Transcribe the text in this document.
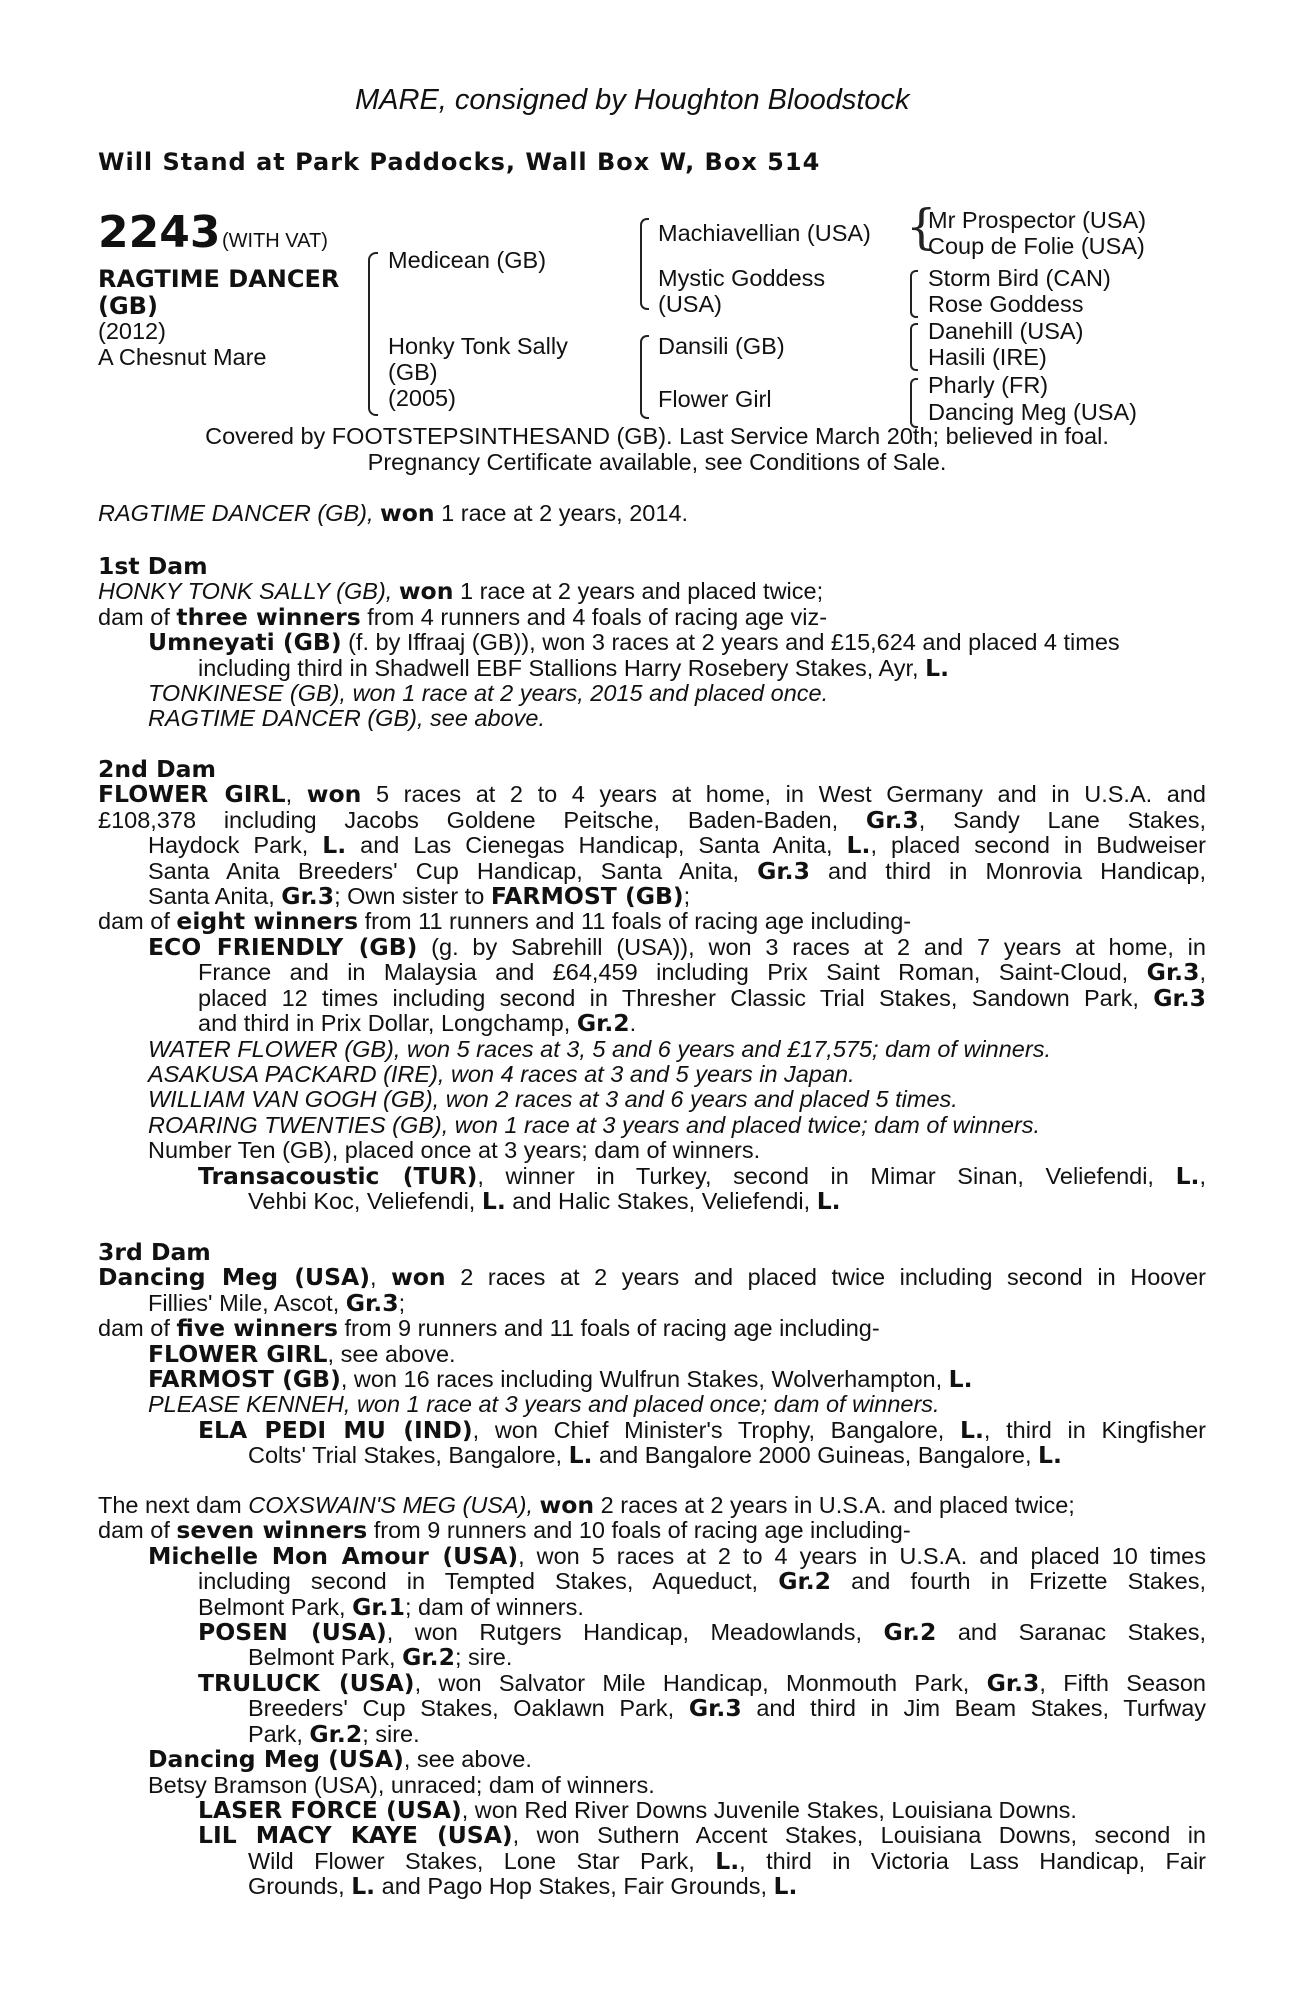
MARE, consigned by Houghton Bloodstock
Will Stand at Park Paddocks, Wall Box W, Box 514
2243 (WITH VAT)
RAGTIME DANCER
(GB)
(2012)
A Chesnut Mare
Medicean (GB)
Honky Tonk Sally
(GB)
(2005)
Machiavellian (USA)
Mystic Goddess
(USA)
Dansili (GB)
Flower Girl
{
Mr Prospector (USA)
Coup de Folie (USA)
Storm Bird (CAN)
Rose Goddess
Danehill (USA)
Hasili (IRE)
Pharly (FR)
Dancing Meg (USA)
Covered by FOOTSTEPSINTHESAND (GB). Last Service March 20th; believed in foal.
Pregnancy Certificate available, see Conditions of Sale.
RAGTIME DANCER (GB), won 1 race at 2 years, 2014.
1st Dam
HONKY TONK SALLY (GB), won 1 race at 2 years and placed twice;
dam of three winners from 4 runners and 4 foals of racing age viz-
Umneyati (GB) (f. by Iffraaj (GB)), won 3 races at 2 years and £15,624 and placed 4 times
including third in Shadwell EBF Stallions Harry Rosebery Stakes, Ayr, L.
TONKINESE (GB), won 1 race at 2 years, 2015 and placed once.
RAGTIME DANCER (GB), see above.
2nd Dam
FLOWER GIRL, won 5 races at 2 to 4 years at home, in West Germany and in U.S.A. and
£108,378 including Jacobs Goldene Peitsche, Baden-Baden, Gr.3, Sandy Lane Stakes,
Haydock Park, L. and Las Cienegas Handicap, Santa Anita, L., placed second in Budweiser
Santa Anita Breeders' Cup Handicap, Santa Anita, Gr.3 and third in Monrovia Handicap,
Santa Anita, Gr.3; Own sister to FARMOST (GB);
dam of eight winners from 11 runners and 11 foals of racing age including-
ECO FRIENDLY (GB) (g. by Sabrehill (USA)), won 3 races at 2 and 7 years at home, in
France and in Malaysia and £64,459 including Prix Saint Roman, Saint-Cloud, Gr.3,
placed 12 times including second in Thresher Classic Trial Stakes, Sandown Park, Gr.3
and third in Prix Dollar, Longchamp, Gr.2.
WATER FLOWER (GB), won 5 races at 3, 5 and 6 years and £17,575; dam of winners.
ASAKUSA PACKARD (IRE), won 4 races at 3 and 5 years in Japan.
WILLIAM VAN GOGH (GB), won 2 races at 3 and 6 years and placed 5 times.
ROARING TWENTIES (GB), won 1 race at 3 years and placed twice; dam of winners.
Number Ten (GB), placed once at 3 years; dam of winners.
Transacoustic (TUR), winner in Turkey, second in Mimar Sinan, Veliefendi, L.,
Vehbi Koc, Veliefendi, L. and Halic Stakes, Veliefendi, L.
3rd Dam
Dancing Meg (USA), won 2 races at 2 years and placed twice including second in Hoover
Fillies' Mile, Ascot, Gr.3;
dam of five winners from 9 runners and 11 foals of racing age including-
FLOWER GIRL, see above.
FARMOST (GB), won 16 races including Wulfrun Stakes, Wolverhampton, L.
PLEASE KENNEH, won 1 race at 3 years and placed once; dam of winners.
ELA PEDI MU (IND), won Chief Minister's Trophy, Bangalore, L., third in Kingfisher
Colts' Trial Stakes, Bangalore, L. and Bangalore 2000 Guineas, Bangalore, L.
The next dam COXSWAIN'S MEG (USA), won 2 races at 2 years in U.S.A. and placed twice;
dam of seven winners from 9 runners and 10 foals of racing age including-
Michelle Mon Amour (USA), won 5 races at 2 to 4 years in U.S.A. and placed 10 times
including second in Tempted Stakes, Aqueduct, Gr.2 and fourth in Frizette Stakes,
Belmont Park, Gr.1; dam of winners.
POSEN (USA), won Rutgers Handicap, Meadowlands, Gr.2 and Saranac Stakes,
Belmont Park, Gr.2; sire.
TRULUCK (USA), won Salvator Mile Handicap, Monmouth Park, Gr.3, Fifth Season
Breeders' Cup Stakes, Oaklawn Park, Gr.3 and third in Jim Beam Stakes, Turfway
Park, Gr.2; sire.
Dancing Meg (USA), see above.
Betsy Bramson (USA), unraced; dam of winners.
LASER FORCE (USA), won Red River Downs Juvenile Stakes, Louisiana Downs.
LIL MACY KAYE (USA), won Suthern Accent Stakes, Louisiana Downs, second in
Wild Flower Stakes, Lone Star Park, L., third in Victoria Lass Handicap, Fair
Grounds, L. and Pago Hop Stakes, Fair Grounds, L.
